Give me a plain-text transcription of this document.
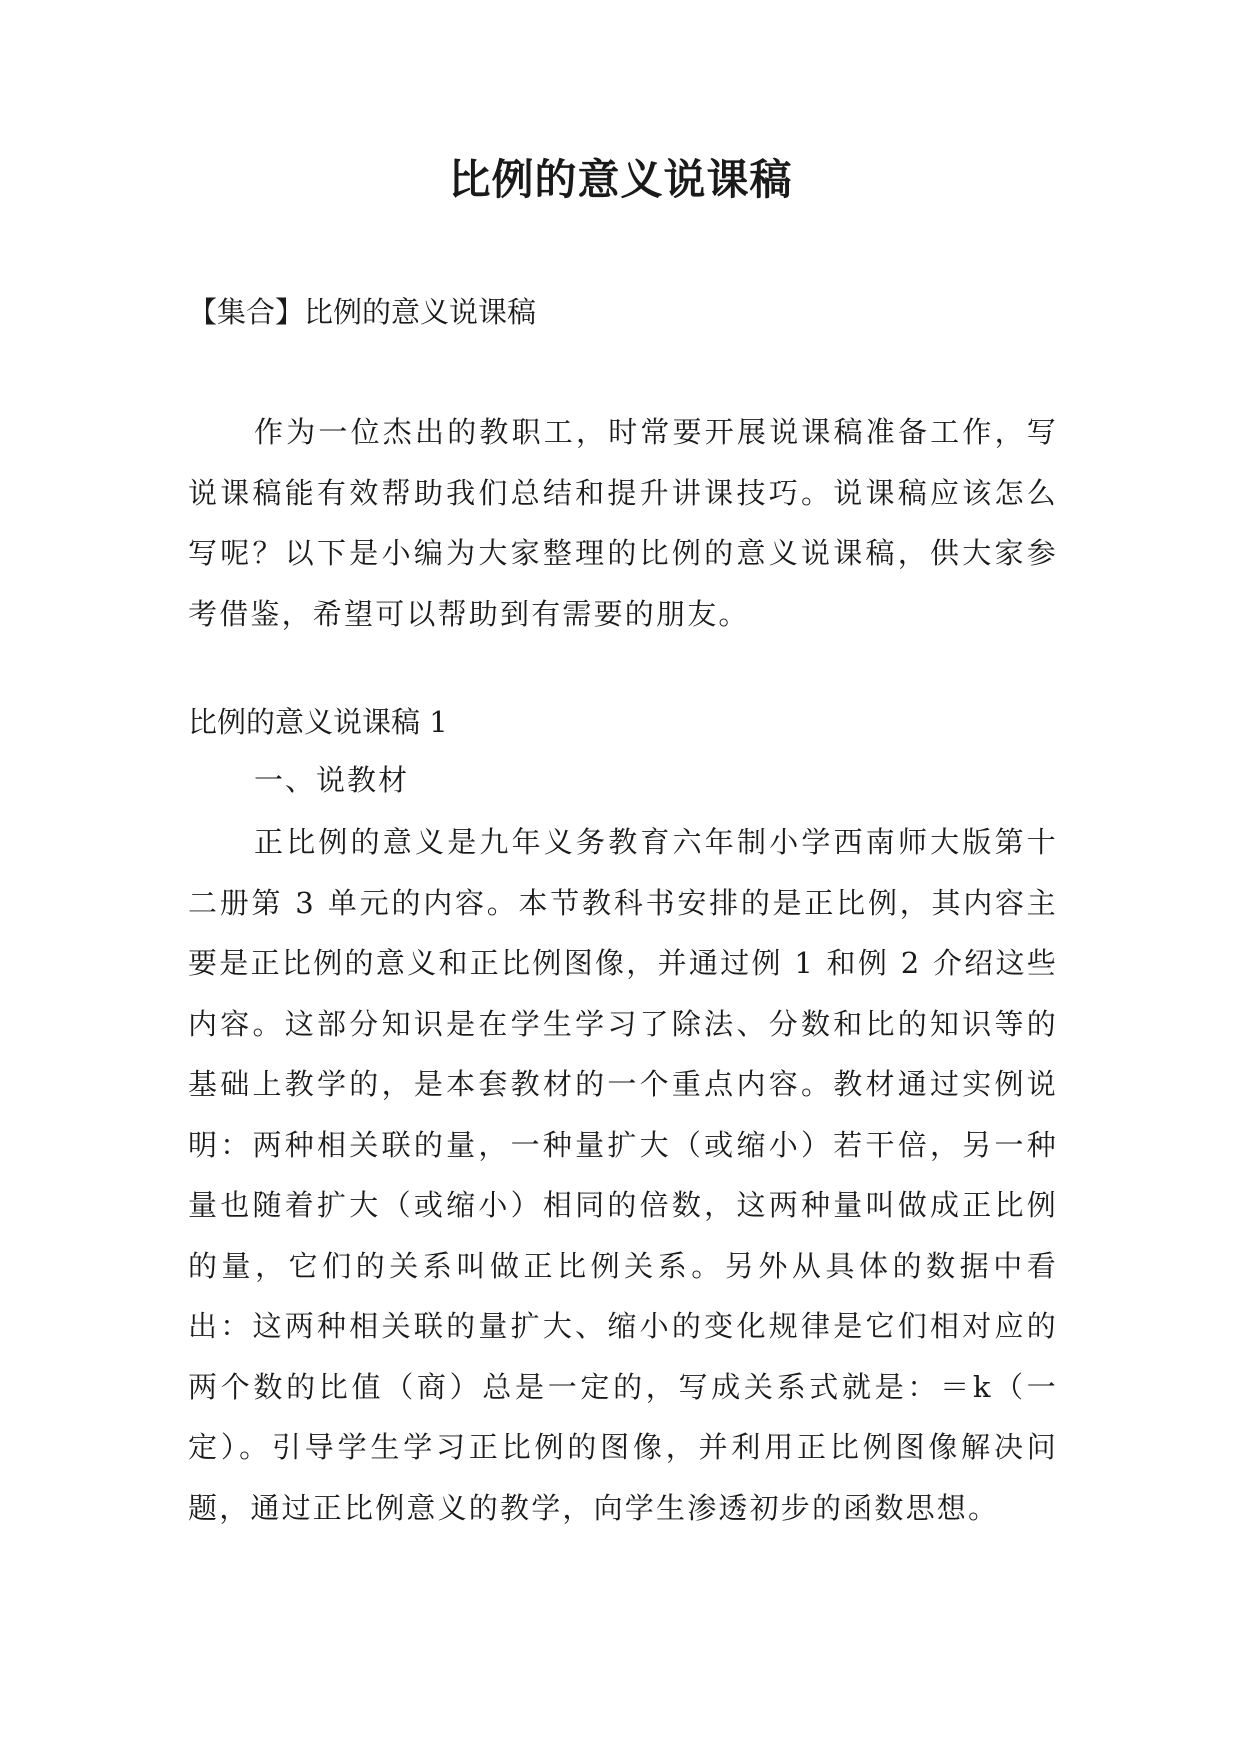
比例的意义说课稿

【集合】比例的意义说课稿

作为一位杰出的教职工，时常要开展说课稿准备工作，写说课稿能有效帮助我们总结和提升讲课技巧。说课稿应该怎么写呢？以下是小编为大家整理的比例的意义说课稿，供大家参考借鉴，希望可以帮助到有需要的朋友。

比例的意义说课稿 1

一、说教材

正比例的意义是九年义务教育六年制小学西南师大版第十二册第 3 单元的内容。本节教科书安排的是正比例，其内容主要是正比例的意义和正比例图像，并通过例 1 和例 2 介绍这些内容。这部分知识是在学生学习了除法、分数和比的知识等的基础上教学的，是本套教材的一个重点内容。教材通过实例说明：两种相关联的量，一种量扩大（或缩小）若干倍，另一种量也随着扩大（或缩小）相同的倍数，这两种量叫做成正比例的量，它们的关系叫做正比例关系。另外从具体的数据中看出：这两种相关联的量扩大、缩小的变化规律是它们相对应的两个数的比值（商）总是一定的，写成关系式就是：＝k（一定）。引导学生学习正比例的图像，并利用正比例图像解决问题，通过正比例意义的教学，向学生渗透初步的函数思想。
